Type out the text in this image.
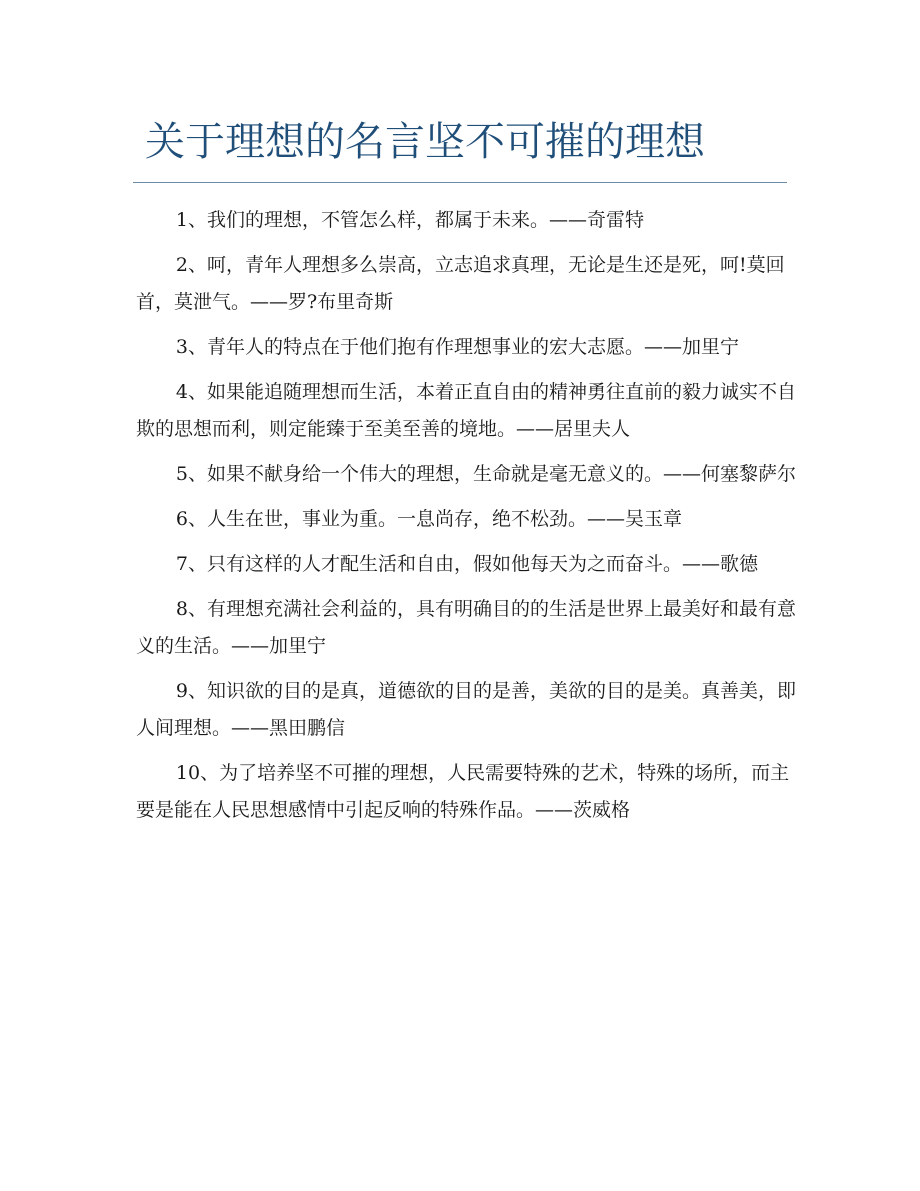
关于理想的名言坚不可摧的理想

1、我们的理想，不管怎么样，都属于未来。——奇雷特

2、呵，青年人理想多么崇高，立志追求真理，无论是生还是死，呵!莫回首，莫泄气。——罗?布里奇斯

3、青年人的特点在于他们抱有作理想事业的宏大志愿。——加里宁

4、如果能追随理想而生活，本着正直自由的精神勇往直前的毅力诚实不自欺的思想而利，则定能臻于至美至善的境地。——居里夫人

5、如果不献身给一个伟大的理想，生命就是毫无意义的。——何塞黎萨尔

6、人生在世，事业为重。一息尚存，绝不松劲。——吴玉章

7、只有这样的人才配生活和自由，假如他每天为之而奋斗。——歌德

8、有理想充满社会利益的，具有明确目的的生活是世界上最美好和最有意义的生活。——加里宁

9、知识欲的目的是真，道德欲的目的是善，美欲的目的是美。真善美，即人间理想。——黑田鹏信

10、为了培养坚不可摧的理想，人民需要特殊的艺术，特殊的场所，而主要是能在人民思想感情中引起反响的特殊作品。——茨威格
